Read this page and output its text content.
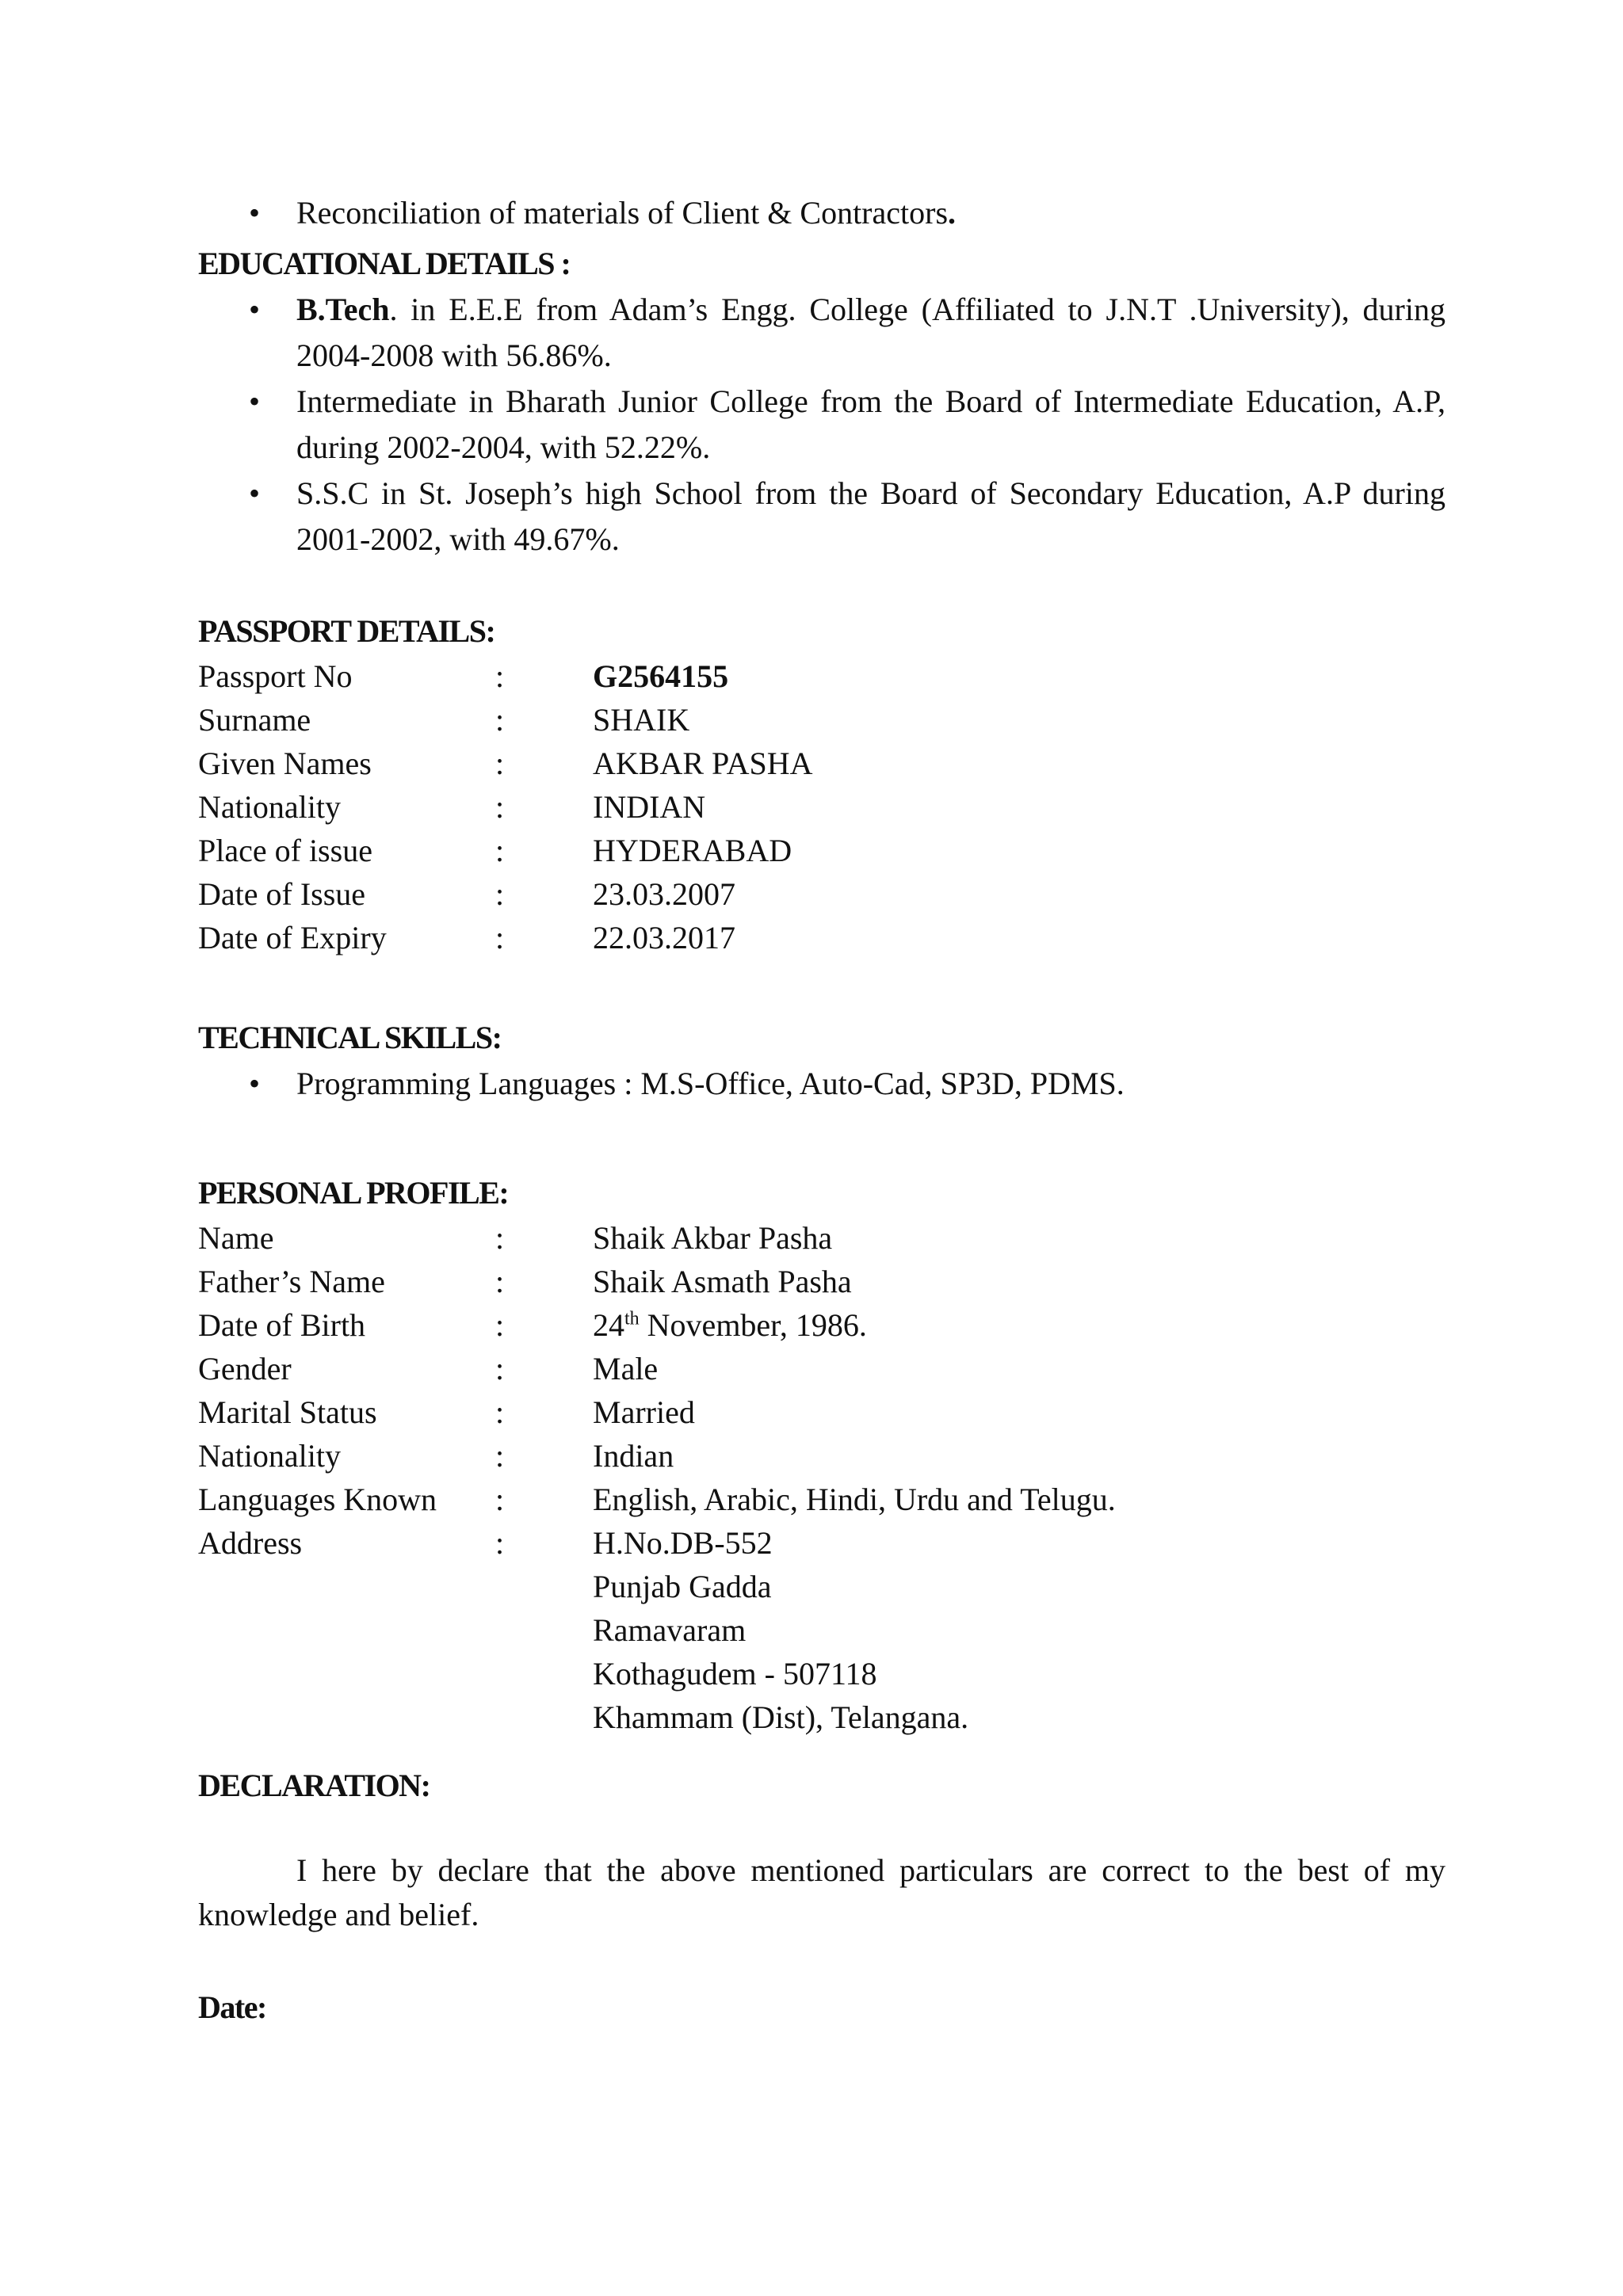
• Reconciliation of materials of Client & Contractors.
EDUCATIONAL DETAILS :
• B.Tech. in E.E.E from Adam’s Engg. College (Affiliated to J.N.T .University), during 2004-2008 with 56.86%.
• Intermediate in Bharath Junior College from the Board of Intermediate Education, A.P, during 2002-2004, with 52.22%.
• S.S.C in St. Joseph’s high School from the Board of Secondary Education, A.P during 2001-2002, with 49.67%.
PASSPORT DETAILS:
Passport No	:	G2564155
Surname	:	SHAIK
Given Names	:	AKBAR PASHA
Nationality	:	INDIAN
Place of issue	:	HYDERABAD
Date of Issue	:	23.03.2007
Date of Expiry	:	22.03.2017
TECHNICAL SKILLS:
• Programming Languages : M.S-Office, Auto-Cad, SP3D, PDMS.
PERSONAL PROFILE:
Name	:	Shaik Akbar Pasha
Father’s Name	:	Shaik Asmath Pasha
Date of Birth	:	24th November, 1986.
Gender	:	Male
Marital Status	:	Married
Nationality	:	Indian
Languages Known	:	English, Arabic, Hindi, Urdu and Telugu.
Address	:	H.No.DB-552
Punjab Gadda
Ramavaram
Kothagudem - 507118
Khammam (Dist), Telangana.
DECLARATION:
I here by declare that the above mentioned particulars are correct to the best of my knowledge and belief.
Date:
